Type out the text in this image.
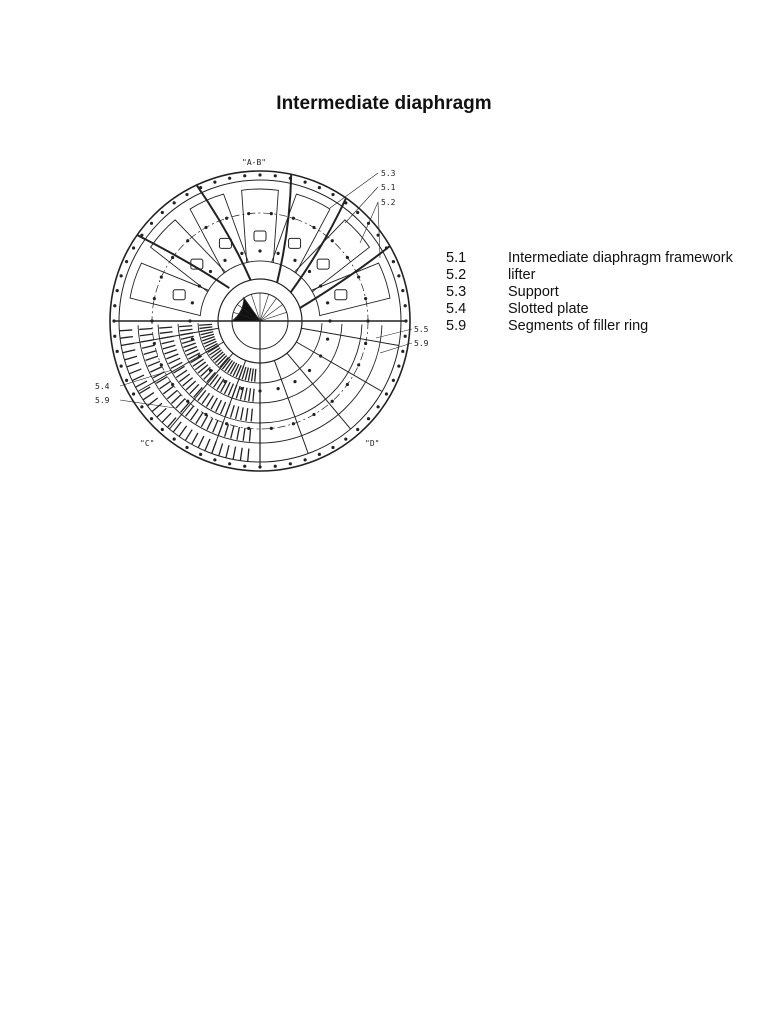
Intermediate diaphragm
"A-B"
"C"	"D"
5.3
5.1
5.2
5.5
5.9
5.4
5.9
5.1	Intermediate diaphragm framework
5.2	lifter
5.3	Support
5.4	Slotted plate
5.9	Segments of filler ring
